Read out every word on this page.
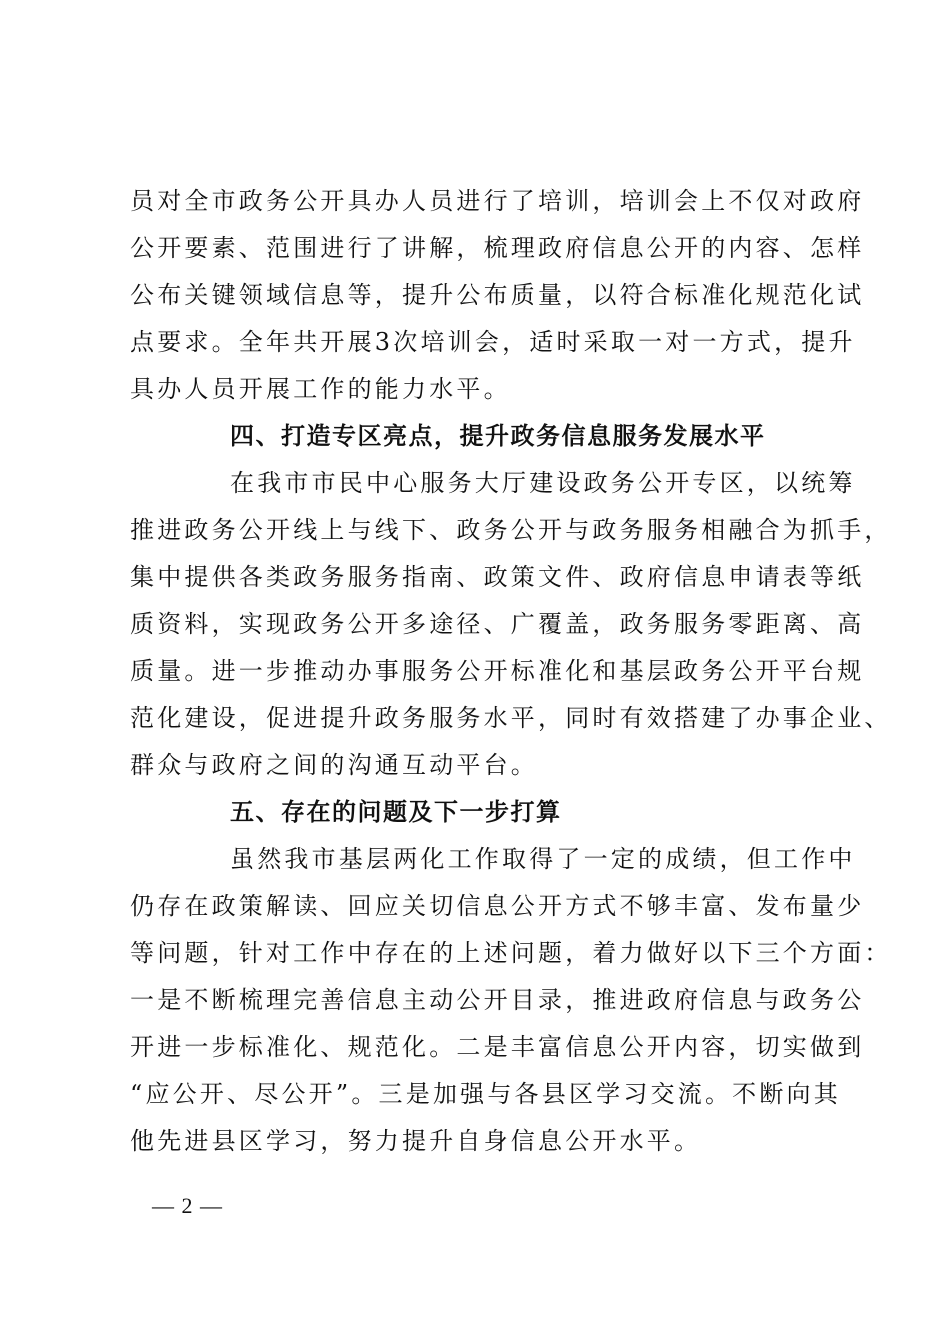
员对全市政务公开具办人员进行了培训，培训会上不仅对政府
公开要素、范围进行了讲解，梳理政府信息公开的内容、怎样
公布关键领域信息等，提升公布质量，以符合标准化规范化试
点要求。全年共开展3次培训会，适时采取一对一方式，提升
具办人员开展工作的能力水平。
四、打造专区亮点，提升政务信息服务发展水平
在我市市民中心服务大厅建设政务公开专区，以统筹
推进政务公开线上与线下、政务公开与政务服务相融合为抓手，
集中提供各类政务服务指南、政策文件、政府信息申请表等纸
质资料，实现政务公开多途径、广覆盖，政务服务零距离、高
质量。进一步推动办事服务公开标准化和基层政务公开平台规
范化建设，促进提升政务服务水平，同时有效搭建了办事企业、
群众与政府之间的沟通互动平台。
五、存在的问题及下一步打算
虽然我市基层两化工作取得了一定的成绩，但工作中
仍存在政策解读、回应关切信息公开方式不够丰富、发布量少
等问题，针对工作中存在的上述问题，着力做好以下三个方面：
一是不断梳理完善信息主动公开目录，推进政府信息与政务公
开进一步标准化、规范化。二是丰富信息公开内容，切实做到
“应公开、尽公开”。三是加强与各县区学习交流。不断向其
他先进县区学习，努力提升自身信息公开水平。
— 2 —
